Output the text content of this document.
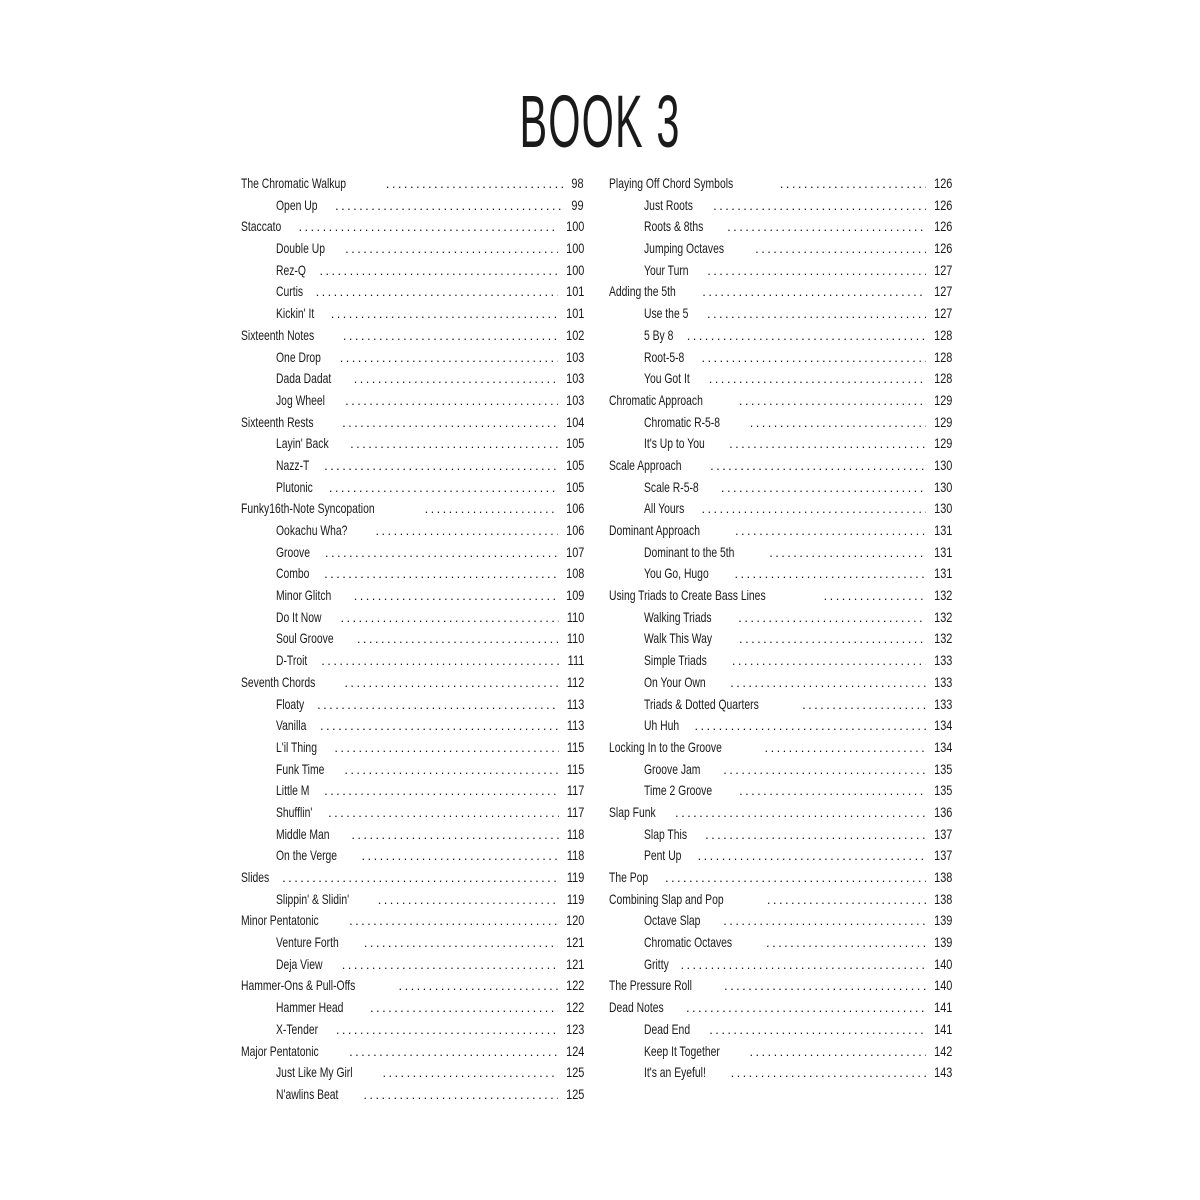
BOOK 3
The Chromatic Walkup . . .	98
Open Up . . .	99
Staccato . . .	100
Double Up . . .	100
Rez-Q . . .	100
Curtis . . .	101
Kickin' It . . .	101
Sixteenth Notes . . .	102
One Drop . . .	103
Dada Dadat . . .	103
Jog Wheel . . .	103
Sixteenth Rests . . .	104
Layin' Back . . .	105
Nazz-T . . .	105
Plutonic . . .	105
Funky16th-Note Syncopation . . .	106
Ookachu Wha? . . .	106
Groove . . .	107
Combo . . .	108
Minor Glitch . . .	109
Do It Now . . .	110
Soul Groove . . .	110
D-Troit . . .	111
Seventh Chords . . .	112
Floaty . . .	113
Vanilla . . .	113
L'il Thing . . .	115
Funk Time . . .	115
Little M . . .	117
Shufflin' . . .	117
Middle Man . . .	118
On the Verge . . .	118
Slides . . .	119
Slippin' & Slidin' . . .	119
Minor Pentatonic . . .	120
Venture Forth . . .	121
Deja View . . .	121
Hammer-Ons & Pull-Offs . . .	122
Hammer Head . . .	122
X-Tender . . .	123
Major Pentatonic . . .	124
Just Like My Girl . . .	125
N'awlins Beat . . .	125
Playing Off Chord Symbols . . .	126
Just Roots . . .	126
Roots & 8ths . . .	126
Jumping Octaves . . .	126
Your Turn . . .	127
Adding the 5th . . .	127
Use the 5 . . .	127
5 By 8 . . .	128
Root-5-8 . . .	128
You Got It . . .	128
Chromatic Approach . . .	129
Chromatic R-5-8 . . .	129
It's Up to You . . .	129
Scale Approach . . .	130
Scale R-5-8 . . .	130
All Yours . . .	130
Dominant Approach . . .	131
Dominant to the 5th . . .	131
You Go, Hugo . . .	131
Using Triads to Create Bass Lines . . .	132
Walking Triads . . .	132
Walk This Way . . .	132
Simple Triads . . .	133
On Your Own . . .	133
Triads & Dotted Quarters . . .	133
Uh Huh . . .	134
Locking In to the Groove . . .	134
Groove Jam . . .	135
Time 2 Groove . . .	135
Slap Funk . . .	136
Slap This . . .	137
Pent Up . . .	137
The Pop . . .	138
Combining Slap and Pop . . .	138
Octave Slap . . .	139
Chromatic Octaves . . .	139
Gritty . . .	140
The Pressure Roll . . .	140
Dead Notes . . .	141
Dead End . . .	141
Keep It Together . . .	142
It's an Eyeful! . . .	143
